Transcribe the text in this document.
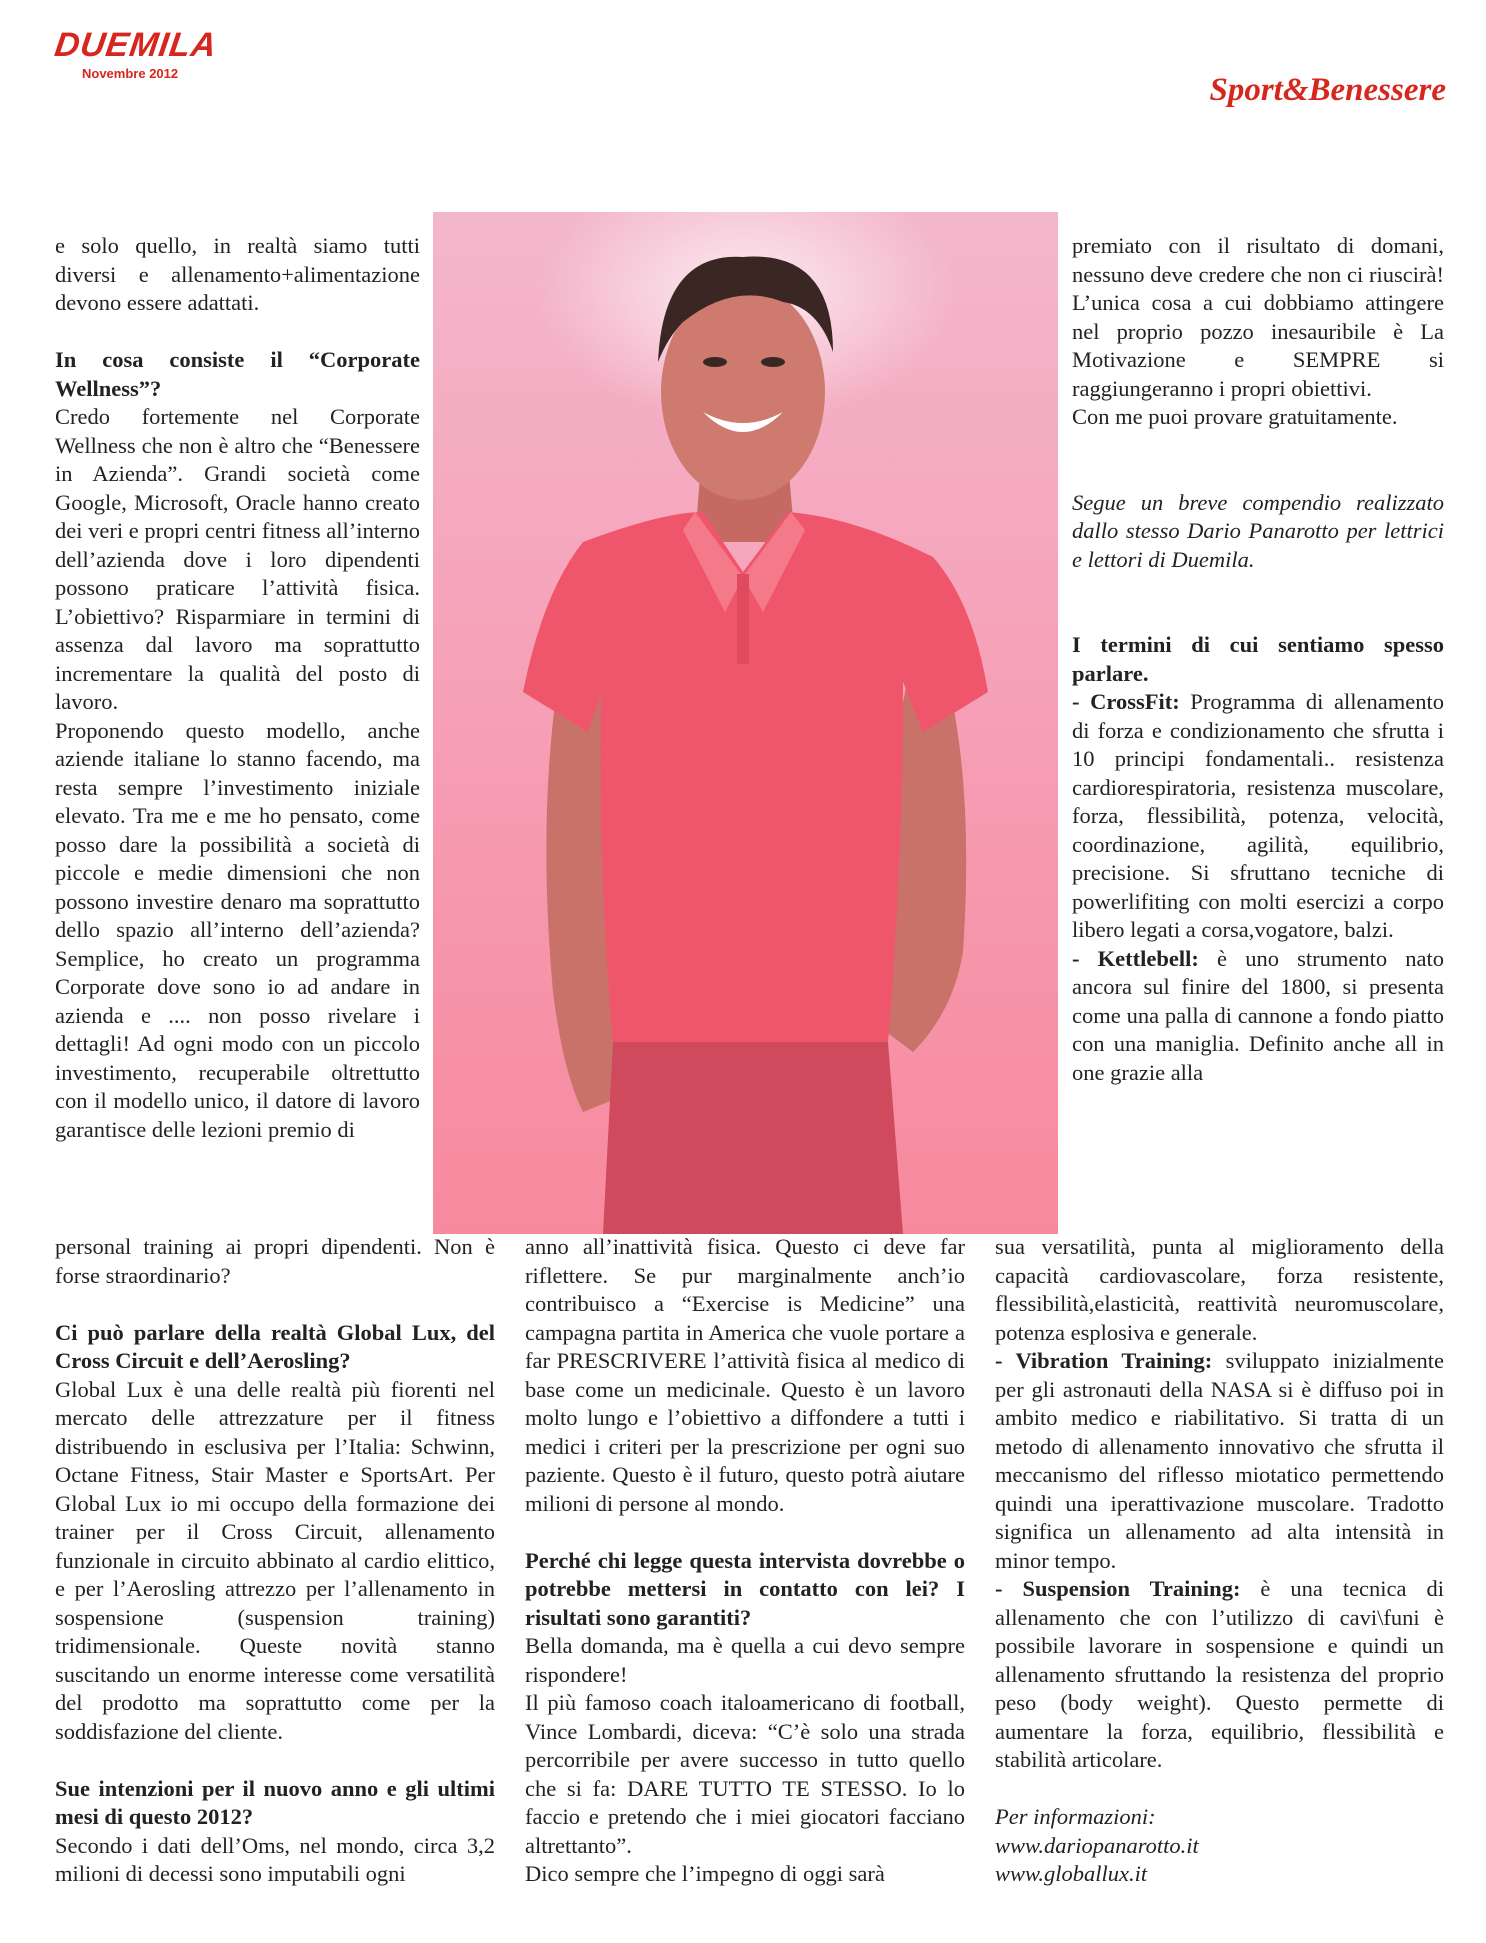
DUEMILA
Novembre 2012	Sport&Benessere

e solo quello, in realtà siamo tutti diversi e allenamento+alimentazione devono essere adattati.

In cosa consiste il “Corporate Wellness”?

Credo fortemente nel Corporate Wellness che non è altro che “Benessere in Azienda”. Grandi società come Google, Microsoft, Oracle hanno creato dei veri e propri centri fitness all’interno dell’azienda dove i loro dipendenti possono praticare l’attività fisica. L’obiettivo? Risparmiare in termini di assenza dal lavoro ma soprattutto incrementare la qualità del posto di lavoro.

Proponendo questo modello, anche aziende italiane lo stanno facendo, ma resta sempre l’investimento iniziale elevato. Tra me e me ho pensato, come posso dare la possibilità a società di piccole e medie dimensioni che non possono investire denaro ma soprattutto dello spazio all’interno dell’azienda? Semplice, ho creato un programma Corporate dove sono io ad andare in azienda e .... non posso rivelare i dettagli! Ad ogni modo con un piccolo investimento, recuperabile oltrettutto con il modello unico, il datore di lavoro garantisce delle lezioni premio di

personal training ai propri dipendenti. Non è forse straordinario?

Ci può parlare della realtà Global Lux, del Cross Circuit e dell’Aerosling?

Global Lux è una delle realtà più fiorenti nel mercato delle attrezzature per il fitness distribuendo in esclusiva per l’Italia: Schwinn, Octane Fitness, Stair Master e SportsArt. Per Global Lux io mi occupo della formazione dei trainer per il Cross Circuit, allenamento funzionale in circuito abbinato al cardio elittico, e per l’Aerosling attrezzo per l’allenamento in sospensione (suspension training) tridimensionale. Queste novità stanno suscitando un enorme interesse come versatilità del prodotto ma soprattutto come per la soddisfazione del cliente.

Sue intenzioni per il nuovo anno e gli ultimi mesi di questo 2012?

Secondo i dati dell’Oms, nel mondo, circa 3,2 milioni di decessi sono imputabili ogni

anno all’inattività fisica. Questo ci deve far riflettere. Se pur marginalmente anch’io contribuisco a “Exercise is Medicine” una campagna partita in America che vuole portare a far PRESCRIVERE l’attività fisica al medico di base come un medicinale. Questo è un lavoro molto lungo e l’obiettivo a diffondere a tutti i medici i criteri per la prescrizione per ogni suo paziente. Questo è il futuro, questo potrà aiutare milioni di persone al mondo.

Perché chi legge questa intervista dovrebbe o potrebbe mettersi in contatto con lei? I risultati sono garantiti?

Bella domanda, ma è quella a cui devo sempre rispondere!

Il più famoso coach italoamericano di football, Vince Lombardi, diceva: “C’è solo una strada percorribile per avere successo in tutto quello che si fa: DARE TUTTO TE STESSO. Io lo faccio e pretendo che i miei giocatori facciano altrettanto”.

Dico sempre che l’impegno di oggi sarà

premiato con il risultato di domani, nessuno deve credere che non ci riuscirà! L’unica cosa a cui dobbiamo attingere nel proprio pozzo inesauribile è La Motivazione e SEMPRE si raggiungeranno i propri obiettivi.

Con me puoi provare gratuitamente.

Segue un breve compendio realizzato dallo stesso Dario Panarotto per lettrici e lettori di Duemila.

I termini di cui sentiamo spesso parlare.

- CrossFit: Programma di allenamento di forza e condizionamento che sfrutta i 10 principi fondamentali.. resistenza cardiorespiratoria, resistenza muscolare, forza, flessibilità, potenza, velocità, coordinazione, agilità, equilibrio, precisione. Si sfruttano tecniche di powerlifiting con molti esercizi a corpo libero legati a corsa,vogatore, balzi.

- Kettlebell: è uno strumento nato ancora sul finire del 1800, si presenta come una palla di cannone a fondo piatto con una maniglia. Definito anche all in one grazie alla

sua versatilità, punta al miglioramento della capacità cardiovascolare, forza resistente, flessibilità,elasticità, reattività neuromuscolare, potenza esplosiva e generale.

- Vibration Training: sviluppato inizialmente per gli astronauti della NASA si è diffuso poi in ambito medico e riabilitativo. Si tratta di un metodo di allenamento innovativo che sfrutta il meccanismo del riflesso miotatico permettendo quindi una iperattivazione muscolare. Tradotto significa un allenamento ad alta intensità in minor tempo.

- Suspension Training: è una tecnica di allenamento che con l’utilizzo di cavi\funi è possibile lavorare in sospensione e quindi un allenamento sfruttando la resistenza del proprio peso (body weight). Questo permette di aumentare la forza, equilibrio, flessibilità e stabilità articolare.

Per informazioni:

www.dariopanarotto.it

www.globallux.it
